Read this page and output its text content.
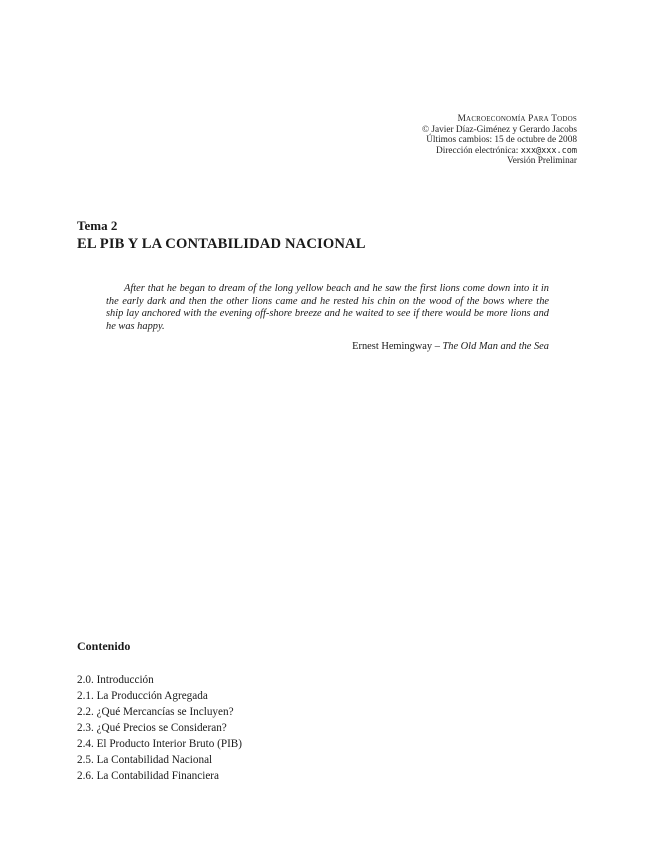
Macroeconomía Para Todos
© Javier Díaz-Giménez y Gerardo Jacobs
Últimos cambios: 15 de octubre de 2008
Dirección electrónica: xxx@xxx.com
Versión Preliminar
Tema 2
EL PIB Y LA CONTABILIDAD NACIONAL
After that he began to dream of the long yellow beach and he saw the first lions come down into it in the early dark and then the other lions came and he rested his chin on the wood of the bows where the ship lay anchored with the evening off-shore breeze and he waited to see if there would be more lions and he was happy.
Ernest Hemingway – The Old Man and the Sea
Contenido
2.0. Introducción
2.1. La Producción Agregada
2.2. ¿Qué Mercancías se Incluyen?
2.3. ¿Qué Precios se Consideran?
2.4. El Producto Interior Bruto (PIB)
2.5. La Contabilidad Nacional
2.6. La Contabilidad Financiera
